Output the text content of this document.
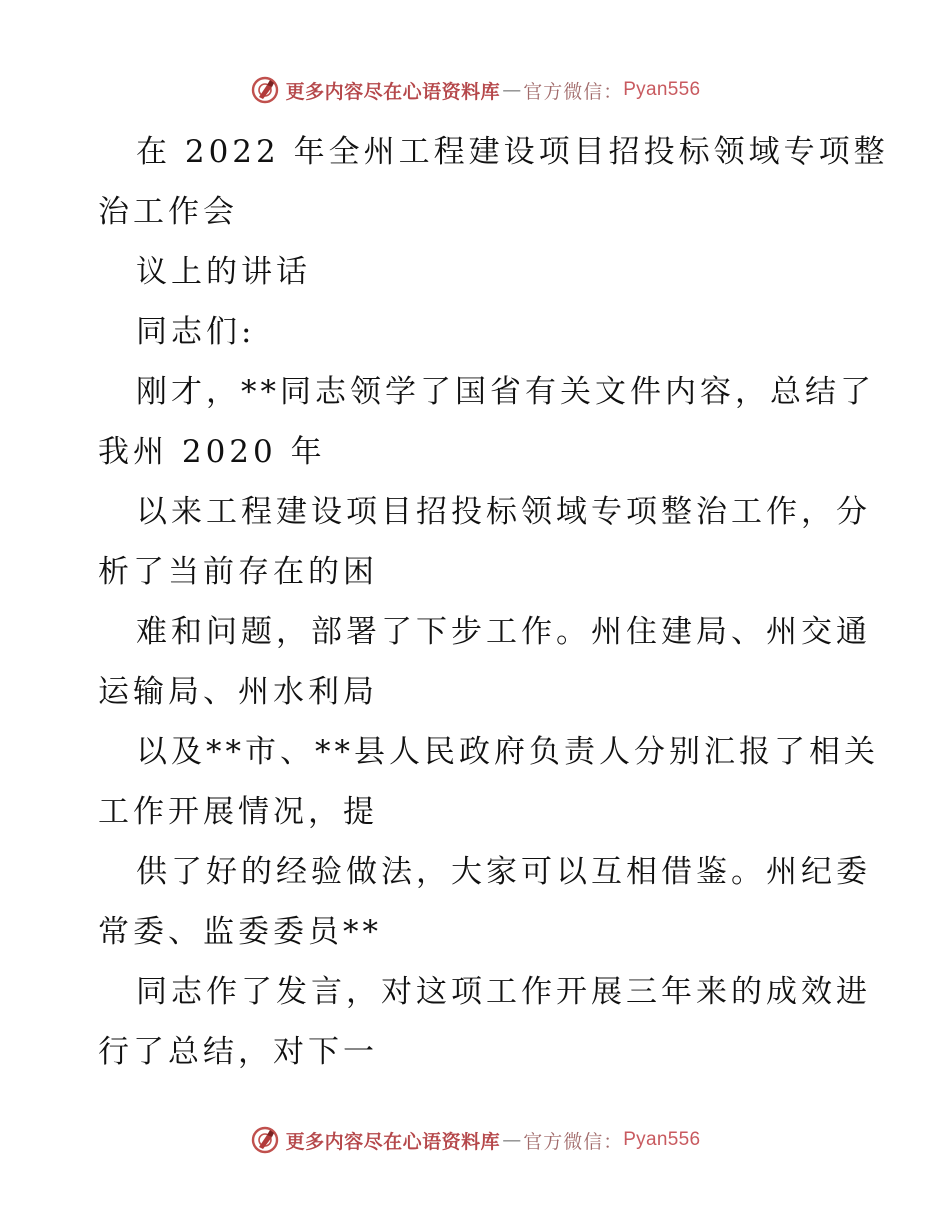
更多内容尽在心语资料库 — 官方微信： Pyan556
在 2022 年全州工程建设项目招投标领域专项整
治工作会
议上的讲话
同志们:
刚才，**同志领学了国省有关文件内容，总结了
我州 2020 年
以来工程建设项目招投标领域专项整治工作，分
析了当前存在的困
难和问题，部署了下步工作。州住建局、州交通
运输局、州水利局
以及**市、**县人民政府负责人分别汇报了相关
工作开展情况，提
供了好的经验做法，大家可以互相借鉴。州纪委
常委、监委委员**
同志作了发言，对这项工作开展三年来的成效进
行了总结，对下一
更多内容尽在心语资料库 — 官方微信： Pyan556
